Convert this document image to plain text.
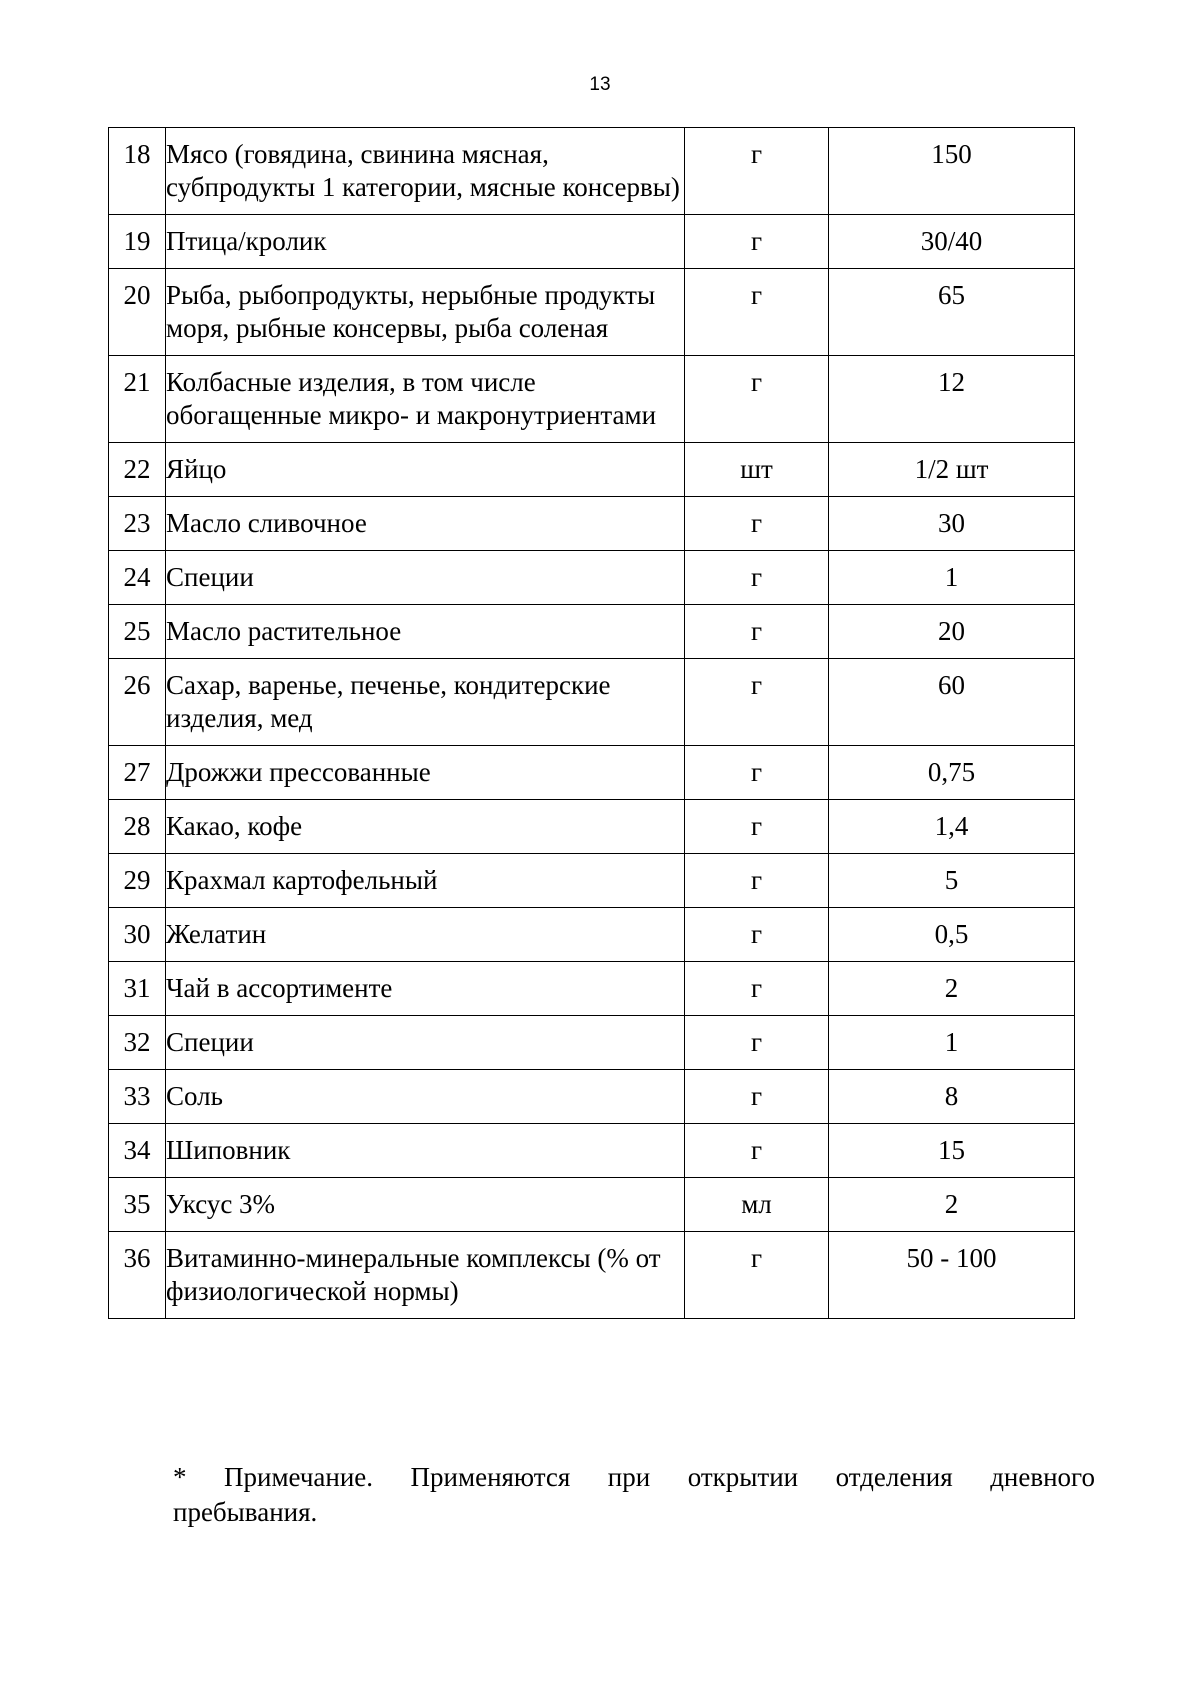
13
18	Мясо (говядина, свинина мясная, субпродукты 1 категории, мясные консервы)	г	150
19	Птица/кролик	г	30/40
20	Рыба, рыбопродукты, нерыбные продукты моря, рыбные консервы, рыба соленая	г	65
21	Колбасные изделия, в том числе обогащенные микро- и макронутриентами	г	12
22	Яйцо	шт	1/2 шт
23	Масло сливочное	г	30
24	Специи	г	1
25	Масло растительное	г	20
26	Сахар, варенье, печенье, кондитерские изделия, мед	г	60
27	Дрожжи прессованные	г	0,75
28	Какао, кофе	г	1,4
29	Крахмал картофельный	г	5
30	Желатин	г	0,5
31	Чай в ассортименте	г	2
32	Специи	г	1
33	Соль	г	8
34	Шиповник	г	15
35	Уксус 3%	мл	2
36	Витаминно-минеральные комплексы (% от физиологической нормы)	г	50 - 100
* Примечание. Применяются при открытии отделения дневного
пребывания.
